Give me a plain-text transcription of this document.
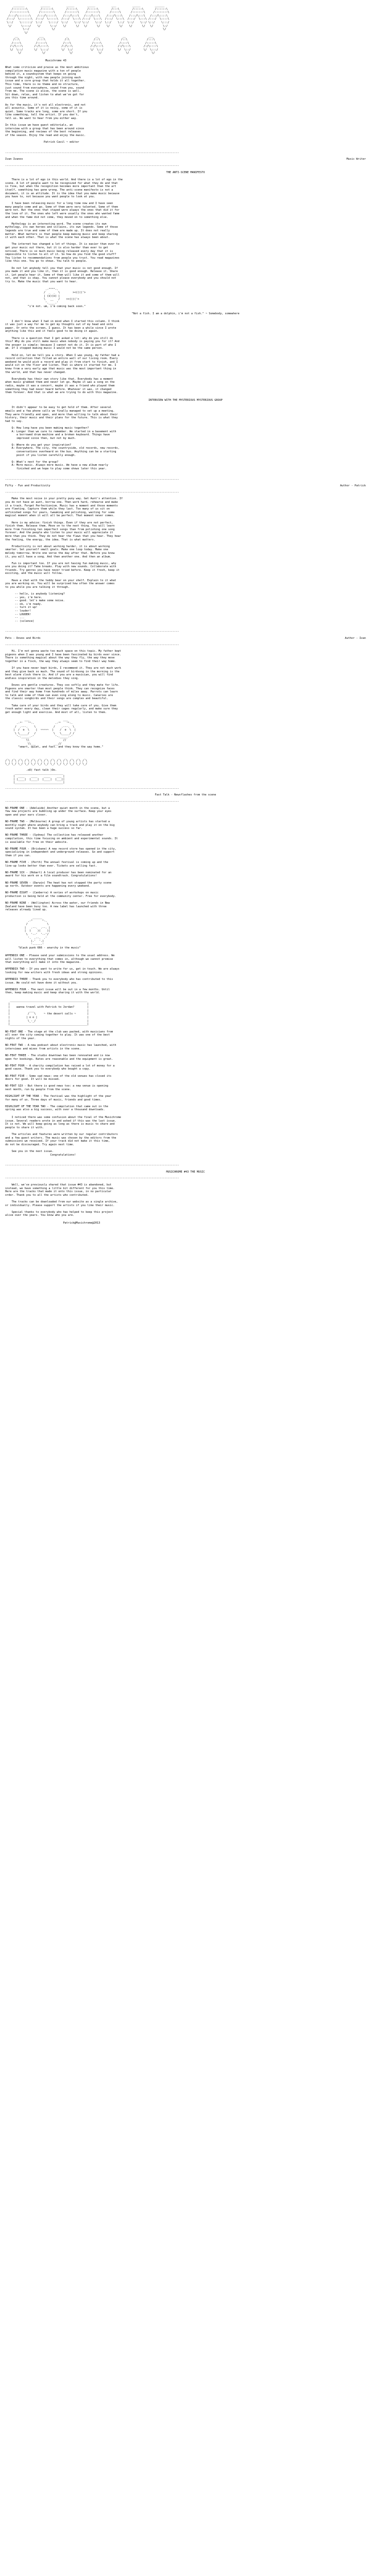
_______          ______          _____        _____          ___          _____         ______
/::::::::\        /::::::\        /:::::\      /:::::\        /:::\        /:::::\       /::::::\
/::::::::::\      /::::::::\      /:::::::\    /:::::::\      /:::::\      /:::::::\     /::::::::\
/:::/\:::::::\    /:::/\:::::\    /:::/\:::\   /:::/\:::\    /:::/\:::\    /:::/\:::\   /:::/\::::\
/:::/  \:::::::\  /:::/  \:::::\  /:::/  \:::\ /:::/  \:::\  /:::/  \:::\  /:::/  \:::\ /:::/  \::::\
\::/    \::::::/  \::/    \::::/  \::/    \::/ \::/    \::/  \::/    \::/  \::/    \::/ \::/    \:::/
\/      \::::/    \/      \::/    \/      \/   \/      \/    \/      \/    \/      \/   \/      \:/
\::/              \/                                                                   \/
\/
__             ___              _                 __               __              ___
/::\           /:::\            /:\               /::\             /::\            /:::\
/::::\         /:::::\          /:::\             /::::\           /::::\          /:::::\
/:/\:::\       /:/\::::\        /:/\::\           /:/\:::\         /:/\:::\        /:/\::::\
\/  \::/       \/  \:::/        \/  \:/           \/  \::/         \/  \::/        \/  \:::/
\/             \/               \/                \/               \/              \/
Musichrome 43

What some criticize and praise as the most ambitious
compilation music magazine with a ton of people
behind it, a soundsystem that keeps on going
through the night, with new people joining each
issue and a core group that holds it all together.
This time, there is no theme and no structure,
just sound from everywhere, sound from you, sound
from me. The scene is alive, the scene is well.
Sit down, relax, and listen to what we've got for
you this time around.

As for the music, it's not all electronic, and not
all acoustic. Some of it is noisy, some of it is
quiet. Some tracks are long, some are short. If you
like something, tell the artist. If you don't,
tell us. We want to hear from you either way.

In this issue we have guest editorials, an
interview with a group that has been around since
the beginning, and reviews of the best releases
of the season. Enjoy the read and enjoy the music.

Patrick Cavil ~ editor
------------------------------------------------------------------------------------------------------------
Ivan Ivanov	Music Writer
------------------------------------------------------------------------------------------------------------
THE ANTI-SCENE MANIFESTO
There is a lot of ego in this world. And there is a lot of ego in the
scene. A lot of people want to be recognized for what they do and that
is fine, but when the recognition becomes more important than the art
itself, something has gone wrong. The anti-scene manifesto is not a
document, it is an attitude. It is the idea that you make music because
you have to, not because you want people to look at you.

I have been releasing music for a long time now and I have seen
many people come and go. Some of them were very talented. Some of them
were not. But the ones that stayed were always the ones that did it for
the love of it. The ones who left were usually the ones who wanted fame
and when the fame did not come, they moved on to something else.

Mythology is an interesting word. The scene creates its own
mythology, its own heroes and villains, its own legends. Some of those
legends are true and some of them are made up. It does not really
matter. What matters is that people keep making music and keep sharing
it with each other. That is what the scene has always been about.

The internet has changed a lot of things. It is easier than ever to
get your music out there, but it is also harder than ever to get
noticed. There is so much music being released every day that it is
impossible to listen to all of it. So how do you find the good stuff?
You listen to recommendations from people you trust. You read magazines
like this one. You go to shows. You talk to people.

Do not let anybody tell you that your music is not good enough. If
you made it and you like it, then it is good enough. Release it. Share
it. Let people hear it. Some of them will like it and some of them will
not, and that is okay. You cannot please everybody and you should not
try to. Make the music that you want to hear.
.-""""-.
/  _  _  \        ><(((('>
| (o)(o) |
\   __   /    ><(((('>
'.____.'
"i'm not. um, i'm coming back soon."
"Not a fish. I am a dolphin, i'm not a fish." ~ Somebody, somewhere
I don't know what I had in mind when I started this column. I think
it was just a way for me to get my thoughts out of my head and onto
paper. Or onto the screen, I guess. It has been a while since I wrote
anything like this and it feels good to be doing it again.

There is a question that I get asked a lot: why do you still do
this? Why do you still make music when nobody is paying you for it? And
the answer is simple: because I cannot not do it. It is part of who I
am. If I stopped making music I would not be the same person.

Hold on, let me tell you a story. When I was young, my father had a
record collection that filled an entire wall of our living room. Every
weekend he would pick a record and play it from start to finish, and I
would sit on the floor and listen. That is where it started for me. I
knew from a very early age that music was the most important thing in
the world, and that has never changed.

Everybody has their own story like that. Everybody has a moment
when music grabbed them and never let go. Maybe it was a song on the
radio, maybe it was a concert, maybe it was a friend who played them
something they had never heard before. Whatever it was, it changed
them forever. And that is what we are trying to do with this magazine.
INTERVIEW WITH THE MYSTERIOUS MYSTERIOUS GROUP
It didn't appear to be easy to get hold of them. After several
emails and a few phone calls we finally managed to set up a meeting.
They were friendly and open, and more than willing to talk about their
history, their music and their plans for the future. This is what they
had to say.

Q: How long have you been making music together?
A: Longer than we care to remember. We started in a basement with
a borrowed drum machine and a broken keyboard. Things have
improved since then, but not by much.

Q: Where do you get your inspiration?
A: Everywhere. The city, the countryside, old records, new records,
conversations overheard on the bus. Anything can be a starting
point if you listen carefully enough.

Q: What's next for the group?
A: More music. Always more music. We have a new album nearly
finished and we hope to play some shows later this year.
------------------------------------------------------------------------------------------------------------
Fifty - Fun and Productivity	Author - Patrick
------------------------------------------------------------------------------------------------------------
Make the most noise in your pretty puny way. Get Aunt's attention. If
you do not have an aunt, borrow one. Then work hard, rehearse and make
it a track. Forget Perfectionism. Music has a moment and those moments
are fleeting. Capture them while they last. Too many of us sit on
unfinished songs for years, tweaking and polishing, waiting for some
magical moment when it will all be perfect. That moment never comes.

Here is my advice: finish things. Even if they are not perfect,
finish them. Release them. Move on to the next thing. You will learn
more from finishing ten imperfect songs than from polishing one song
forever. And the people who listen to your music will appreciate it
more than you think. They do not hear the flaws that you hear. They hear
the feeling, the energy, the idea. That is what matters.

Productivity is not about working harder, it is about working
smarter. Set yourself small goals. Make one loop today. Make one
melody tomorrow. Write one verse the day after that. Before you know
it, you will have a song. And then another one. And then an album.

Fun is important too. If you are not having fun making music, why
are you doing it? Take breaks. Play with new sounds. Collaborate with
friends. Try genres you have never tried before. Keep it fresh, keep it
exciting, and the music will follow.

Have a chat with the teddy bear on your shelf. Explain to it what
you are working on. You will be surprised how often the answer comes
to you while you are talking it through.

-- hello, is anybody listening?
-- yes, i'm here.
-- good. let's make some noise.
-- ok, i'm ready.
-- turn it up!
-- louder!
-- LOUDER!
-- ...
-- (silence)
------------------------------------------------------------------------------------------------------------
Pets - Doves and Birds	Author - Ivan
------------------------------------------------------------------------------------------------------------
Hi. I'm not gonna waste too much space on this topic. My father kept
pigeons when I was young and I have been fascinated by birds ever since.
There is something magical about the way they fly, the way they move
together in a flock, the way they always seem to find their way home.

If you have never kept birds, I recommend it. They are not much work
and they give back so much. The sound of birdsong in the morning is the
best alarm clock there is. And if you are a musician, you will find
endless inspiration in the melodies they sing.

Doves are gentle creatures. They coo softly and they mate for life.
Pigeons are smarter than most people think. They can recognize faces
and find their way home from hundreds of miles away. Parrots can learn
to talk and some of them can even sing along to music. Canaries are
the classic songbirds and their songs are complex and beautiful.

Take care of your birds and they will take care of you. Give them
fresh water every day, clean their cages regularly, and make sure they
get enough light and exercise. And most of all, listen to them.
___                     ___
.-"'   '"-.             .-"'   '"-.
/  .---.    \           /    .---.  \
|  /  o  \    |  ~~~~~  |    /  o  \  |
\ \_____/   /           \   \_____/ /
'-._____.-'             '-._____.-'
\\                     //
\\___           ___//
"smart, quiet, and fast. and they know the way home."
_   _   _   _   _   _   _   _   _   _   _   _   _
/ \ / \ / \ / \ / \ / \ / \ / \ / \ / \ / \ / \ / \
\_/ \_/ \_/ \_/ \_/ \_/ \_/ \_/ \_/ \_/ \_/ \_/ \_/

.oO( fast talk )Oo.
______________________________
|  ____    ____    ____    ___ |
| |____|  |____|  |____|  |___||
|______________________________|
------------------------------------------------------------------------------------------------------------
Fast Talk - Newsflashes from the scene
------------------------------------------------------------------------------------------------------------
NO-FRAME ONE - (Adelaide) Another quiet month in the scene, but a
few new projects are bubbling up under the surface. Keep your eyes
open and your ears closer.

NO-FRAME TWO - (Melbourne) A group of young artists has started a
monthly night where anybody can bring a track and play it on the big
sound system. It has been a huge success so far.

NO-FRAME THREE - (Sydney) The collective has released another
compilation, this time focusing on ambient and experimental sounds. It
is available for free on their website.

NO-FRAME FOUR - (Brisbane) A new record store has opened in the city,
specializing in independent and underground releases. Go and support
them if you can.

NO-FRAME FIVE - (Perth) The annual festival is coming up and the
line-up looks better than ever. Tickets are selling fast.

NO-FRAME SIX - (Hobart) A local producer has been nominated for an
award for his work on a film soundtrack. Congratulations!

NO-FRAME SEVEN - (Darwin) The heat has not stopped the party scene
up north. Outdoor events are happening every weekend.

NO-FRAME EIGHT - (Canberra) A series of workshops on music
production is being held at the community center. Free for everybody.

NO-FRAME NINE - (Wellington) Across the water, our friends in New
Zealand have been busy too. A new label has launched with three
releases already lined up.
______
.-"      "-.
/            \
|   .--.  .--. |
|  (    )(    )|
\  '--'  '--'/
'.  .--.  .'
|.'  '.|
'------'
"black punk 666 - anarchy in the music"
APPENDIX ONE - Please send your submissions to the usual address. We
will listen to everything that comes in, although we cannot promise
that everything will make it into the magazine.

APPENDIX TWO - If you want to write for us, get in touch. We are always
looking for new writers with fresh ideas and strong opinions.

APPENDIX THREE - Thank you to everybody who has contributed to this
issue. We could not have done it without you.

APPENDIX FOUR - The next issue will be out in a few months. Until
then, keep making music and keep sharing it with the world.
________________________________________________
|                                                |
|    wanna travel with Patrick to Jordan?        |
|            ___                                 |
|           /   \     ~ the desert calls ~       |
|          | o o |                               |
|           \_-_/                                |
|________________________________________________|
NO-FEAT ONE - The stage at the club was packed, with musicians from
all over the city coming together to play. It was one of the best
nights of the year.

NO-FEAT TWO - A new podcast about electronic music has launched, with
interviews and mixes from artists in the scene.

NO-FEAT THREE - The studio downtown has been renovated and is now
open for bookings. Rates are reasonable and the equipment is great.

NO-FEAT FOUR - A charity compilation has raised a lot of money for a
good cause. Thank you to everybody who bought a copy.

NO-FEAT FIVE - Some sad news: one of the old venues has closed its
doors for good. It will be missed.

NO-FEAT SIX - But there is good news too: a new venue is opening
next month, run by people from the scene.

HIGHLIGHT OF THE YEAR - The festival was the highlight of the year
for many of us. Three days of music, friends and good times.

HIGHLIGHT OF THE YEAR TWO - The compilation that came out in the
spring was also a big success, with over a thousand downloads.
I noticed there was some confusion about the final of the Musichrome
issue. Several readers wrote in and asked if this was the last issue.
It is not. We will keep going as long as there is music to share and
people to share it with.

The articles and features were written by our regular contributors
and a few guest writers. The music was chosen by the editors from the
submissions we received. If your track did not make it this time,
do not be discouraged. Try again next time.

See you in the next issue.
Congratulations!
------------------------------------------------------------------------------------------------------------
MUSICHROME #43 THE MUSIC
------------------------------------------------------------------------------------------------------------
Well, we've previously shared that issue #43 is abandoned, but
instead, we have something a little bit different for you this time.
Here are the tracks that made it onto this issue, in no particular
order. Thank you to all the artists who contributed.

The tracks can be downloaded from our website as a single archive,
or individually. Please support the artists if you like their music.

Special thanks to everybody who has helped to keep this project
alive over the years. You know who you are.
Patrick@Musichrome@2013
